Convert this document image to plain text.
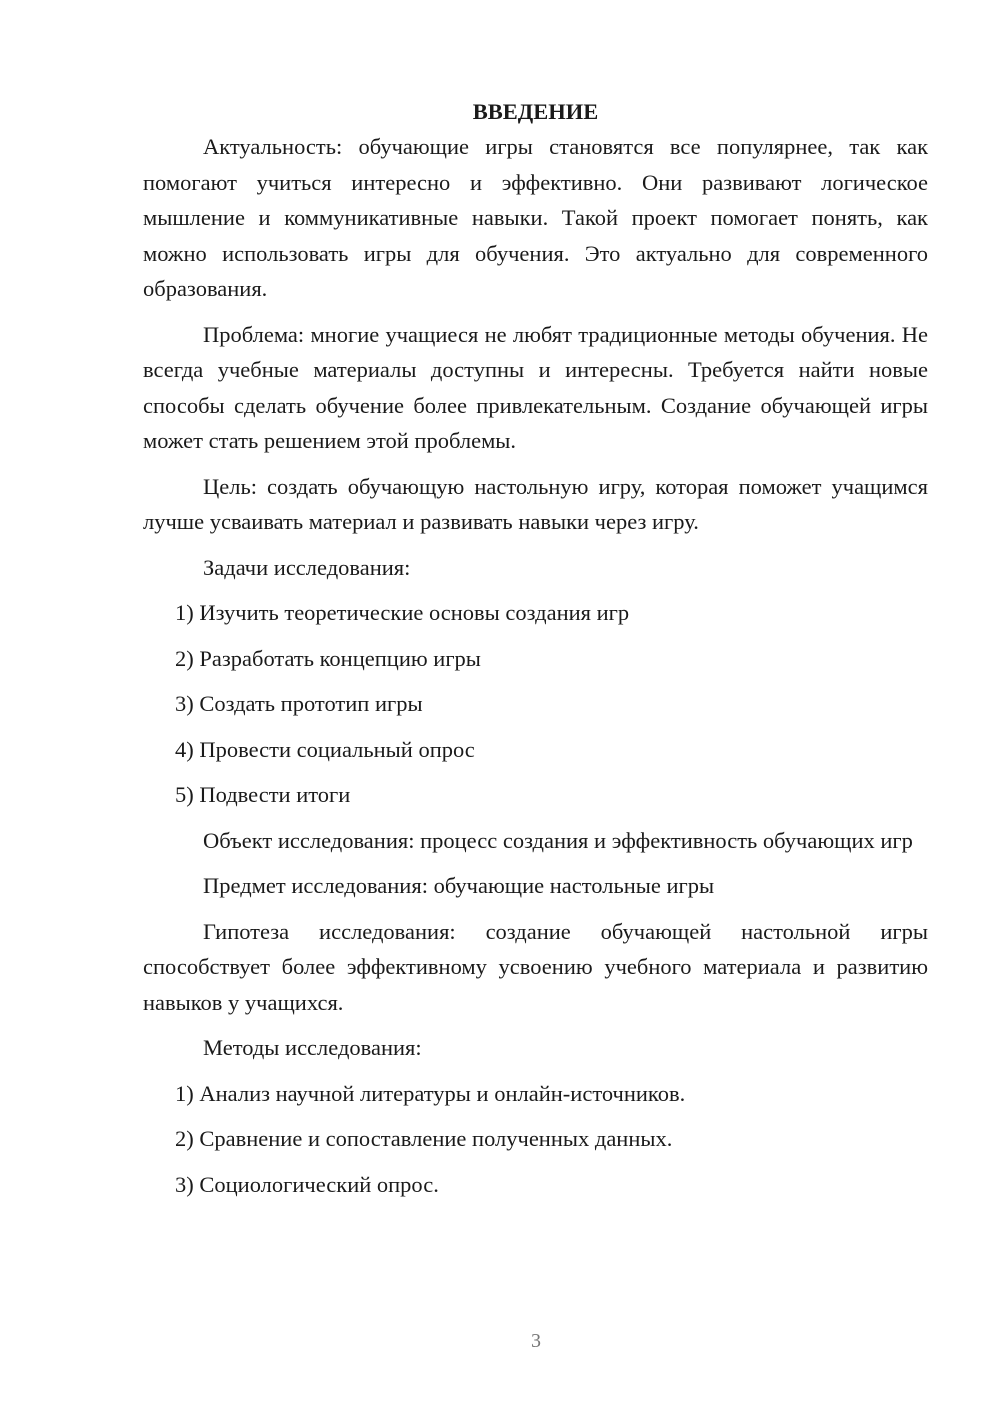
ВВЕДЕНИЕ

Актуальность: обучающие игры становятся все популярнее, так как помогают учиться интересно и эффективно. Они развивают логическое мышление и коммуникативные навыки. Такой проект помогает понять, как можно использовать игры для обучения. Это актуально для современного образования.

Проблема: многие учащиеся не любят традиционные методы обучения. Не всегда учебные материалы доступны и интересны. Требуется найти новые способы сделать обучение более привлекательным. Создание обучающей игры может стать решением этой проблемы.

Цель: создать обучающую настольную игру, которая поможет учащимся лучше усваивать материал и развивать навыки через игру.

Задачи исследования:

1) Изучить теоретические основы создания игр
2) Разработать концепцию игры
3) Создать прототип игры
4) Провести социальный опрос
5) Подвести итоги

Объект исследования: процесс создания и эффективность обучающих игр

Предмет исследования: обучающие настольные игры

Гипотеза исследования: создание обучающей настольной игры способствует более эффективному усвоению учебного материала и развитию навыков у учащихся.

Методы исследования:

1) Анализ научной литературы и онлайн-источников.
2) Сравнение и сопоставление полученных данных.
3) Социологический опрос.
3
